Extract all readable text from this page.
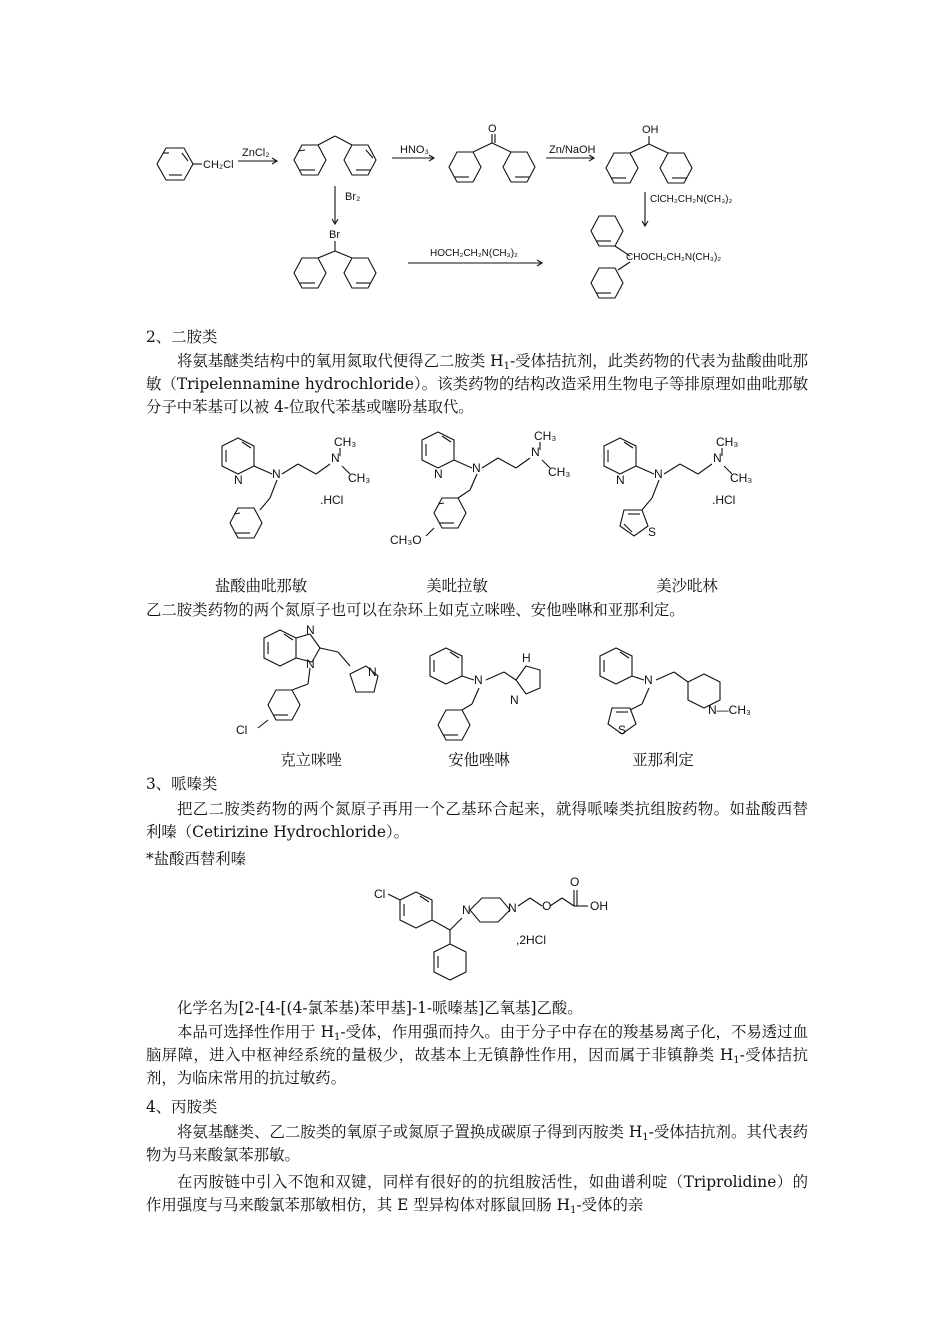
CH₂Cl
ZnCl₂	HNO₃
O
Zn/NaOH
OH
ClCH₂CH₂N(CH₃)₂
Br₂
Br
HOCH₂CH₂N(CH₃)₂	CHOCH₂CH₂N(CH₃)₂

2、二胺类

将氨基醚类结构中的氧用氮取代便得乙二胺类 $H_1-$受体拮抗剂，此类药物的代表为盐酸曲吡那敏（Tripelennamine hydrochloride）。该类药物的结构改造采用生物电子等排原理如曲吡那敏分子中苯基可以被 4-位取代苯基或噻吩基取代。

N N
N
CH₃
CH₃
.HCl
N N
N
CH₃
CH₃
CH₃O
N N
N
CH₃
CH₃
.HCl
S
盐酸曲吡那敏	美吡拉敏	美沙吡林

乙二胺类药物的两个氮原子也可以在杂环上如克立咪唑、安他唑啉和亚那利定。

N
N
N
Cl
N
H
N
N
N—CH₃
S
克立咪唑	安他唑啉	亚那利定

3、哌嗪类

把乙二胺类药物的两个氮原子再用一个乙基环合起来，就得哌嗪类抗组胺药物。如盐酸西替利嗪（Cetirizine Hydrochloride）。

*盐酸西替利嗪

Cl
N	N O
O
OH
,2HCl

化学名为[2-[4-[(4-氯苯基)苯甲基]-1-哌嗪基]乙氧基]乙酸。

本品可选择性作用于 $H_1-$受体，作用强而持久。由于分子中存在的羧基易离子化，不易透过血脑屏障，进入中枢神经系统的量极少，故基本上无镇静性作用，因而属于非镇静类 $H_1-$受体拮抗剂，为临床常用的抗过敏药。

4、丙胺类

将氨基醚类、乙二胺类的氧原子或氮原子置换成碳原子得到丙胺类 $H_1-$受体拮抗剂。其代表药物为马来酸氯苯那敏。

在丙胺链中引入不饱和双键，同样有很好的的抗组胺活性，如曲谱利啶（Triprolidine）的作用强度与马来酸氯苯那敏相仿，其 E 型异构体对豚鼠回肠 $H_1-$受体的亲
